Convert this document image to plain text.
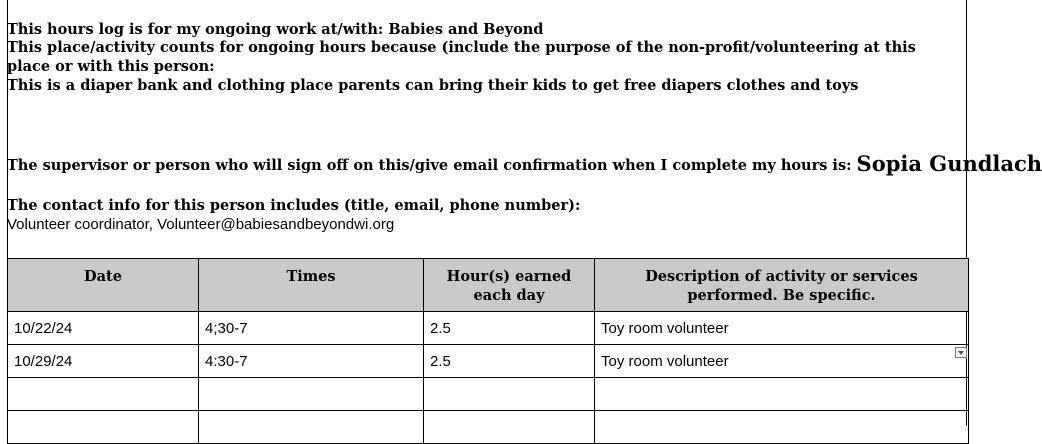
This hours log is for my ongoing work at/with: Babies and Beyond
This place/activity counts for ongoing hours because (include the purpose of the non-profit/volunteering at this place or with this person:
This is a diaper bank and clothing place parents can bring their kids to get free diapers clothes and toys
The supervisor or person who will sign off on this/give email confirmation when I complete my hours is: Sopia Gundlach
The contact info for this person includes (title, email, phone number):
Volunteer coordinator, Volunteer@babiesandbeyondwi.org
Date	Times	Hour(s) earned each day	Description of activity or services performed. Be specific.
10/22/24	4;30-7	2.5	Toy room volunteer
10/29/24	4:30-7	2.5	Toy room volunteer
